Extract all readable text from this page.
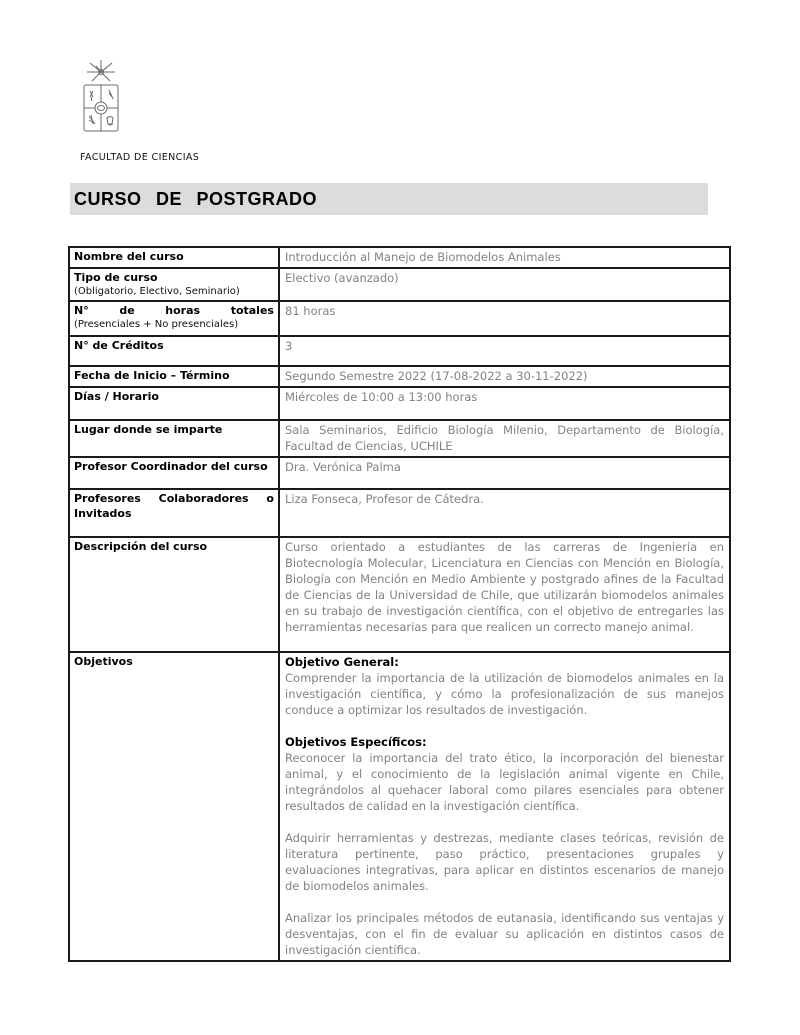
FACULTAD DE CIENCIAS
CURSO DE POSTGRADO
Nombre del curso	Introducción al Manejo de Biomodelos Animales
Tipo de curso
(Obligatorio, Electivo, Seminario)	Electivo (avanzado)

N° de horas totales
(Presenciales + No presenciales)	81 horas
N° de Créditos	3
Fecha de Inicio – Término	Segundo Semestre 2022 (17-08-2022 a 30-11-2022)
Días / Horario	Miércoles de 10:00 a 13:00 horas
Lugar donde se imparte	Sala Seminarios, Edificio Biología Milenio, Departamento de Biología, Facultad de Ciencias, UCHILE
Profesor Coordinador del curso	Dra. Verónica Palma

Profesores Colaboradores o
Invitados	Liza Fonseca, Profesor de Cátedra.
Descripción del curso	Curso orientado a estudiantes de las carreras de Ingeniería en Biotecnología Molecular, Licenciatura en Ciencias con Mención en Biología, Biología con Mención en Medio Ambiente y postgrado afines de la Facultad de Ciencias de la Universidad de Chile, que utilizarán biomodelos animales en su trabajo de investigación científica, con el objetivo de entregarles las herramientas necesarias para que realicen un correcto manejo animal.
Objetivos	Objetivo General:

Comprender la importancia de la utilización de biomodelos animales en la investigación científica, y cómo la profesionalización de sus manejos conduce a optimizar los resultados de investigación.

Objetivos Específicos:

Reconocer la importancia del trato ético, la incorporación del bienestar animal, y el conocimiento de la legislación animal vigente en Chile, integrándolos al quehacer laboral como pilares esenciales para obtener resultados de calidad en la investigación científica.

Adquirir herramientas y destrezas, mediante clases teóricas, revisión de literatura pertinente, paso práctico, presentaciones grupales y evaluaciones integrativas, para aplicar en distintos escenarios de manejo de biomodelos animales.

Analizar los principales métodos de eutanasia, identificando sus ventajas y desventajas, con el fin de evaluar su aplicación en distintos casos de investigación científica.
